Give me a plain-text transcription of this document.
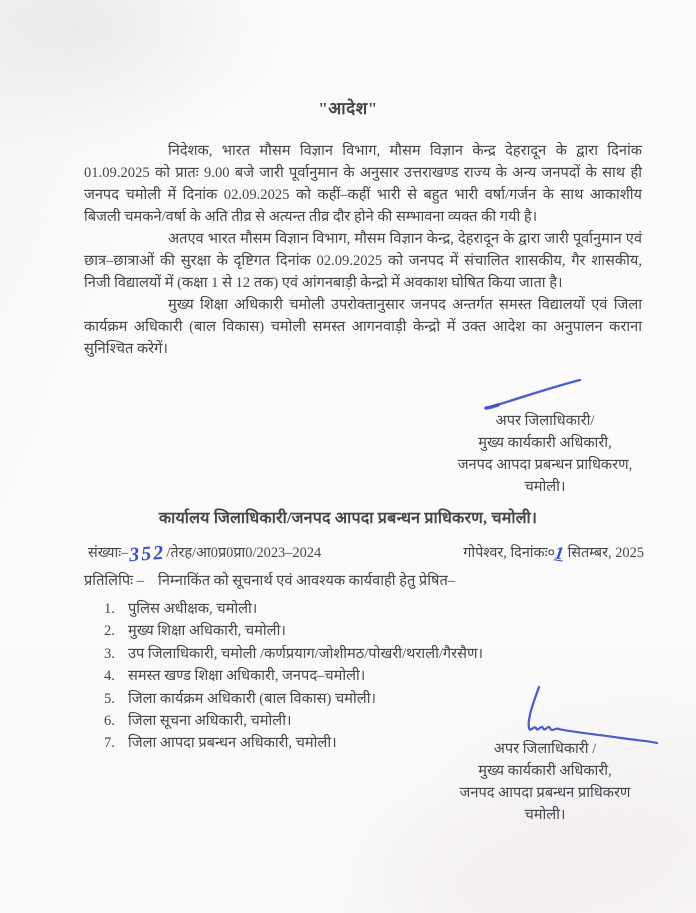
"आदेश"

निदेशक, भारत मौसम विज्ञान विभाग, मौसम विज्ञान केन्द्र देहरादून के द्वारा दिनांक 01.09.2025 को प्रातः 9.00 बजे जारी पूर्वानुमान के अनुसार उत्तराखण्ड राज्य के अन्य जनपदों के साथ ही जनपद चमोली में दिनांक 02.09.2025 को कहीं–कहीं भारी से बहुत भारी वर्षा/गर्जन के साथ आकाशीय बिजली चमकने/वर्षा के अति तीव्र से अत्यन्त तीव्र दौर होने की सम्भावना व्यक्त की गयी है।

अतएव भारत मौसम विज्ञान विभाग, मौसम विज्ञान केन्द्र, देहरादून के द्वारा जारी पूर्वानुमान एवं छात्र–छात्राओं की सुरक्षा के दृष्टिगत दिनांक 02.09.2025 को जनपद में संचालित शासकीय, गैर शासकीय, निजी विद्यालयों में (कक्षा 1 से 12 तक) एवं आंगनबाड़ी केन्द्रो में अवकाश घोषित किया जाता है।

मुख्य शिक्षा अधिकारी चमोली उपरोक्तानुसार जनपद अन्तर्गत समस्त विद्यालयों एवं जिला कार्यक्रम अधिकारी (बाल विकास) चमोली समस्त आगनवाड़ी केन्द्रो में उक्त आदेश का अनुपालन कराना सुनिश्चित करेगें।

अपर जिलाधिकारी/
मुख्य कार्यकारी अधिकारी,
जनपद आपदा प्रबन्धन प्राधिकरण,
चमोली।
कार्यालय जिलाधिकारी/जनपद आपदा प्रबन्धन प्राधिकरण, चमोली।
संख्याः–352/तेरह/आ0प्र0प्रा0/2023–2024	गोपेश्वर, दिनांकः०1 सितम्बर, 2025
प्रतिलिपिः – निम्नाकिंत को सूचनार्थ एवं आवश्यक कार्यवाही हेतु प्रेषित–
1. पुलिस अधीक्षक, चमोली।
2. मुख्य शिक्षा अधिकारी, चमोली।
3. उप जिलाधिकारी, चमोली /कर्णप्रयाग/जोशीमठ/पोखरी/थराली/गैरसैण।
4. समस्त खण्ड शिक्षा अधिकारी, जनपद–चमोली।
5. जिला कार्यक्रम अधिकारी (बाल विकास) चमोली।
6. जिला सूचना अधिकारी, चमोली।
7. जिला आपदा प्रबन्धन अधिकारी, चमोली।	अपर जिलाधिकारी /
मुख्य कार्यकारी अधिकारी,
जनपद आपदा प्रबन्धन प्राधिकरण
चमोली।
